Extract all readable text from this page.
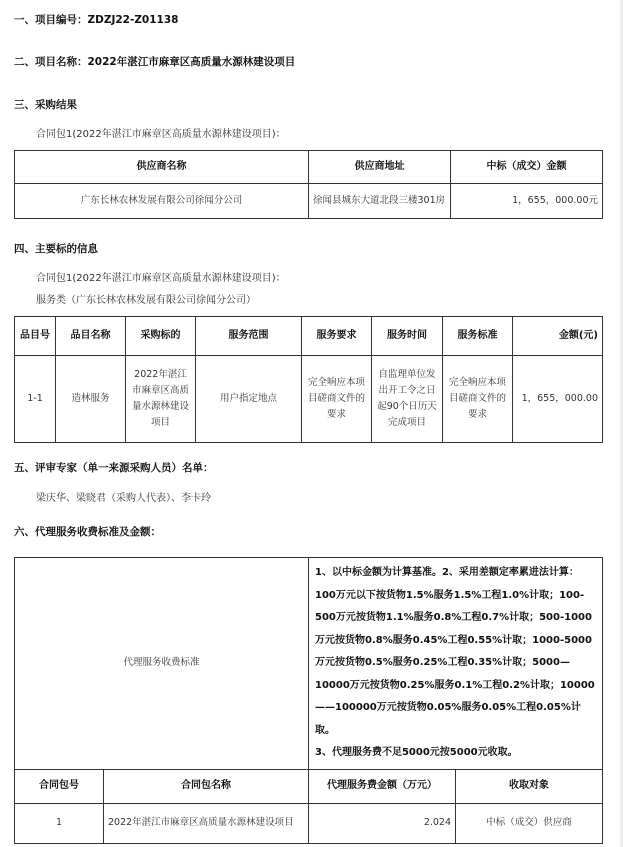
一、项目编号：ZDZJ22-Z01138
二、项目名称：2022年湛江市麻章区高质量水源林建设项目
三、采购结果
合同包1(2022年湛江市麻章区高质量水源林建设项目)：
供应商名称	供应商地址	中标（成交）金额
广东长林农林发展有限公司徐闻分公司	徐闻县城东大道北段三楼301房	1，655，000.00元
四、主要标的信息
合同包1(2022年湛江市麻章区高质量水源林建设项目)：
服务类（广东长林农林发展有限公司徐闻分公司）
品目号	品目名称	采购标的	服务范围	服务要求	服务时间	服务标准	金额(元)
1-1	造林服务	2022年湛江市麻章区高质量水源林建设项目	用户指定地点	完全响应本项目磋商文件的要求	自监理单位发出开工令之日起90个日历天完成项目	完全响应本项目磋商文件的要求	1，655，000.00
五、评审专家（单一来源采购人员）名单：
梁庆华、梁晓君（采购人代表）、李卡玲
六、代理服务收费标准及金额：
代理服务收费标准		1、以中标金额为计算基准。2、采用差额定率累进法计算：100万元以下按货物1.5%服务1.5%工程1.0%计取；100-500万元按货物1.1%服务0.8%工程0.7%计取；500-1000万元按货物0.8%服务0.45%工程0.55%计取；1000-5000万元按货物0.5%服务0.25%工程0.35%计取；5000—10000万元按货物0.25%服务0.1%工程0.2%计取；10000——100000万元按货物0.05%服务0.05%工程0.05%计取。
3、代理服务费不足5000元按5000元收取。	

合同包号	合同包名称	代理服务费金额（万元）	收取对象
1	2022年湛江市麻章区高质量水源林建设项目	2.024	中标（成交）供应商
